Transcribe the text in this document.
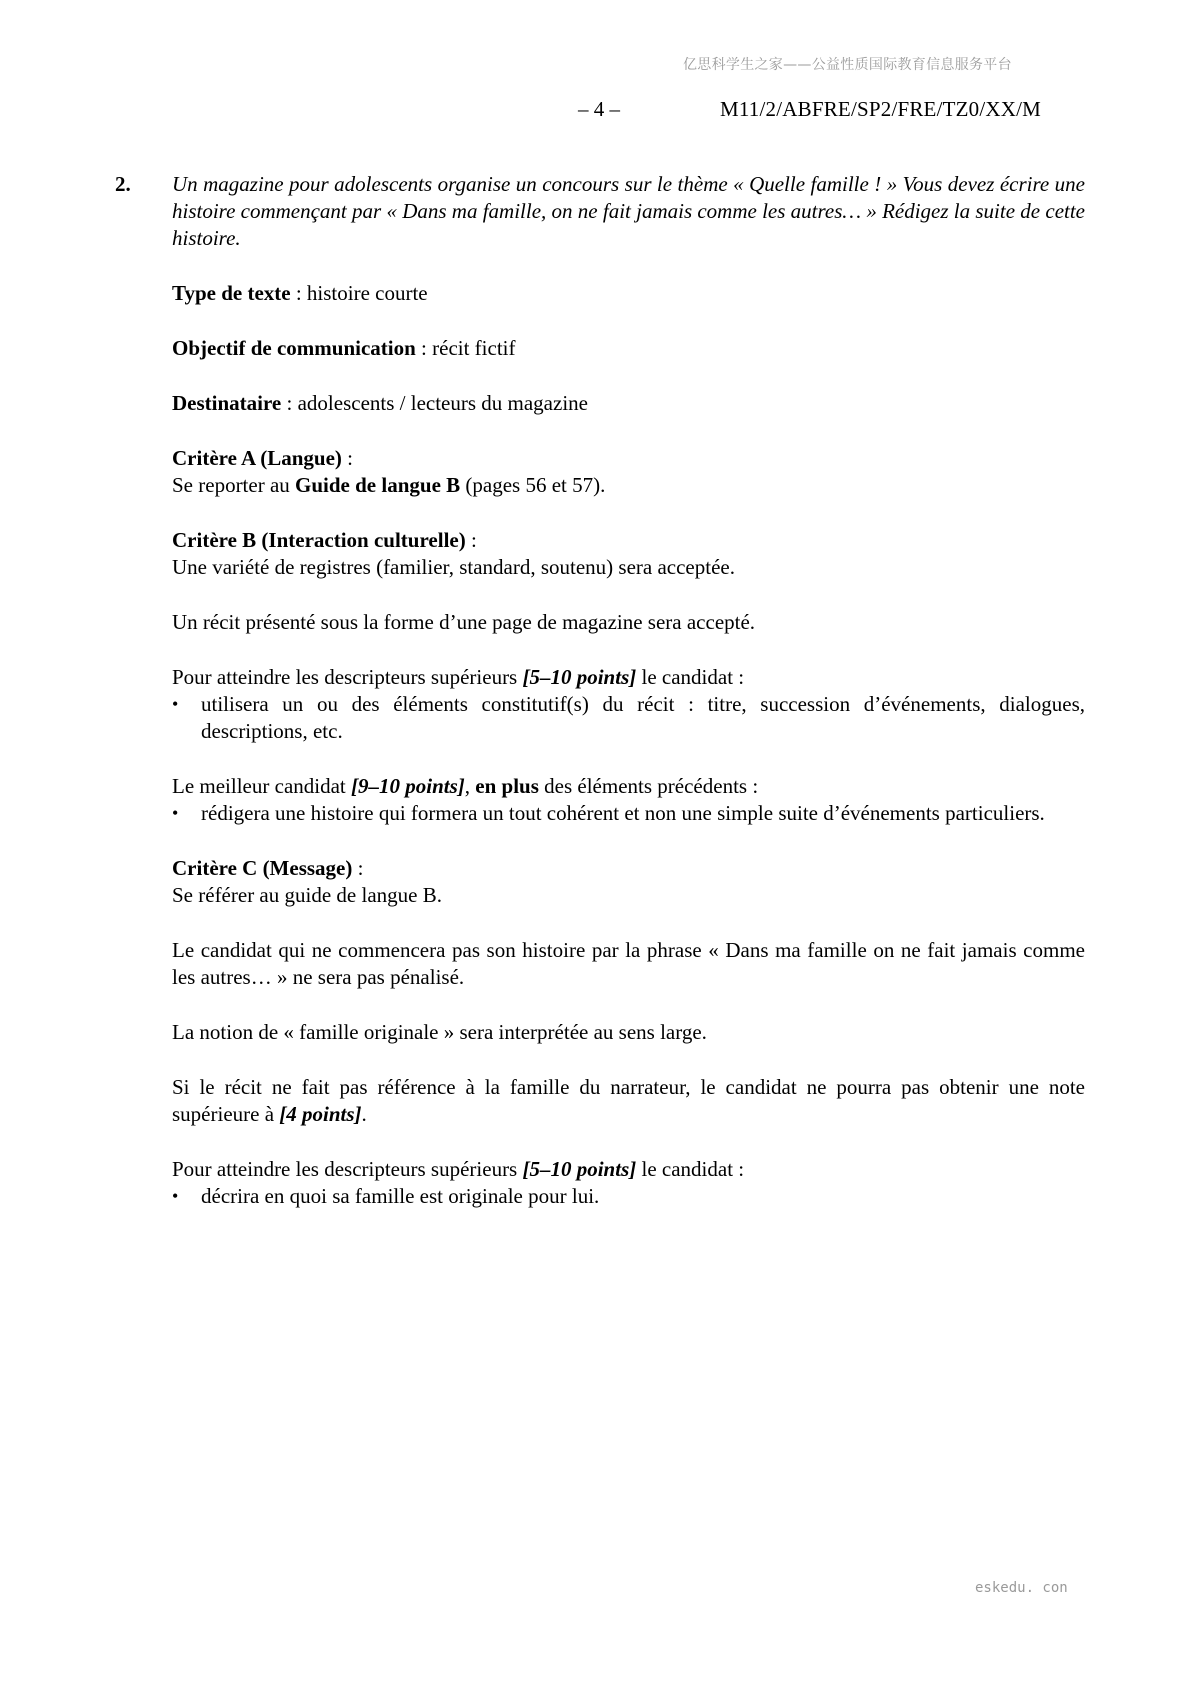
亿思科学生之家——公益性质国际教育信息服务平台
– 4 –	M11/2/ABFRE/SP2/FRE/TZ0/XX/M
2. Un magazine pour adolescents organise un concours sur le thème « Quelle famille ! » Vous devez écrire une histoire commençant par « Dans ma famille, on ne fait jamais comme les autres… » Rédigez la suite de cette histoire.

Type de texte : histoire courte

Objectif de communication : récit fictif

Destinataire : adolescents / lecteurs du magazine

Critère A (Langue) :

Se reporter au Guide de langue B (pages 56 et 57).

Critère B (Interaction culturelle) :

Une variété de registres (familier, standard, soutenu) sera acceptée.

Un récit présenté sous la forme d’une page de magazine sera accepté.

Pour atteindre les descripteurs supérieurs [5–10 points] le candidat :

• utilisera un ou des éléments constitutif(s) du récit : titre, succession d’événements, dialogues, descriptions, etc.

Le meilleur candidat [9–10 points], en plus des éléments précédents :

• rédigera une histoire qui formera un tout cohérent et non une simple suite d’événements particuliers.

Critère C (Message) :

Se référer au guide de langue B.

Le candidat qui ne commencera pas son histoire par la phrase « Dans ma famille on ne fait jamais comme les autres… » ne sera pas pénalisé.

La notion de « famille originale » sera interprétée au sens large.

Si le récit ne fait pas référence à la famille du narrateur, le candidat ne pourra pas obtenir une note supérieure à [4 points].

Pour atteindre les descripteurs supérieurs [5–10 points] le candidat :

• décrira en quoi sa famille est originale pour lui.
eskedu. con
